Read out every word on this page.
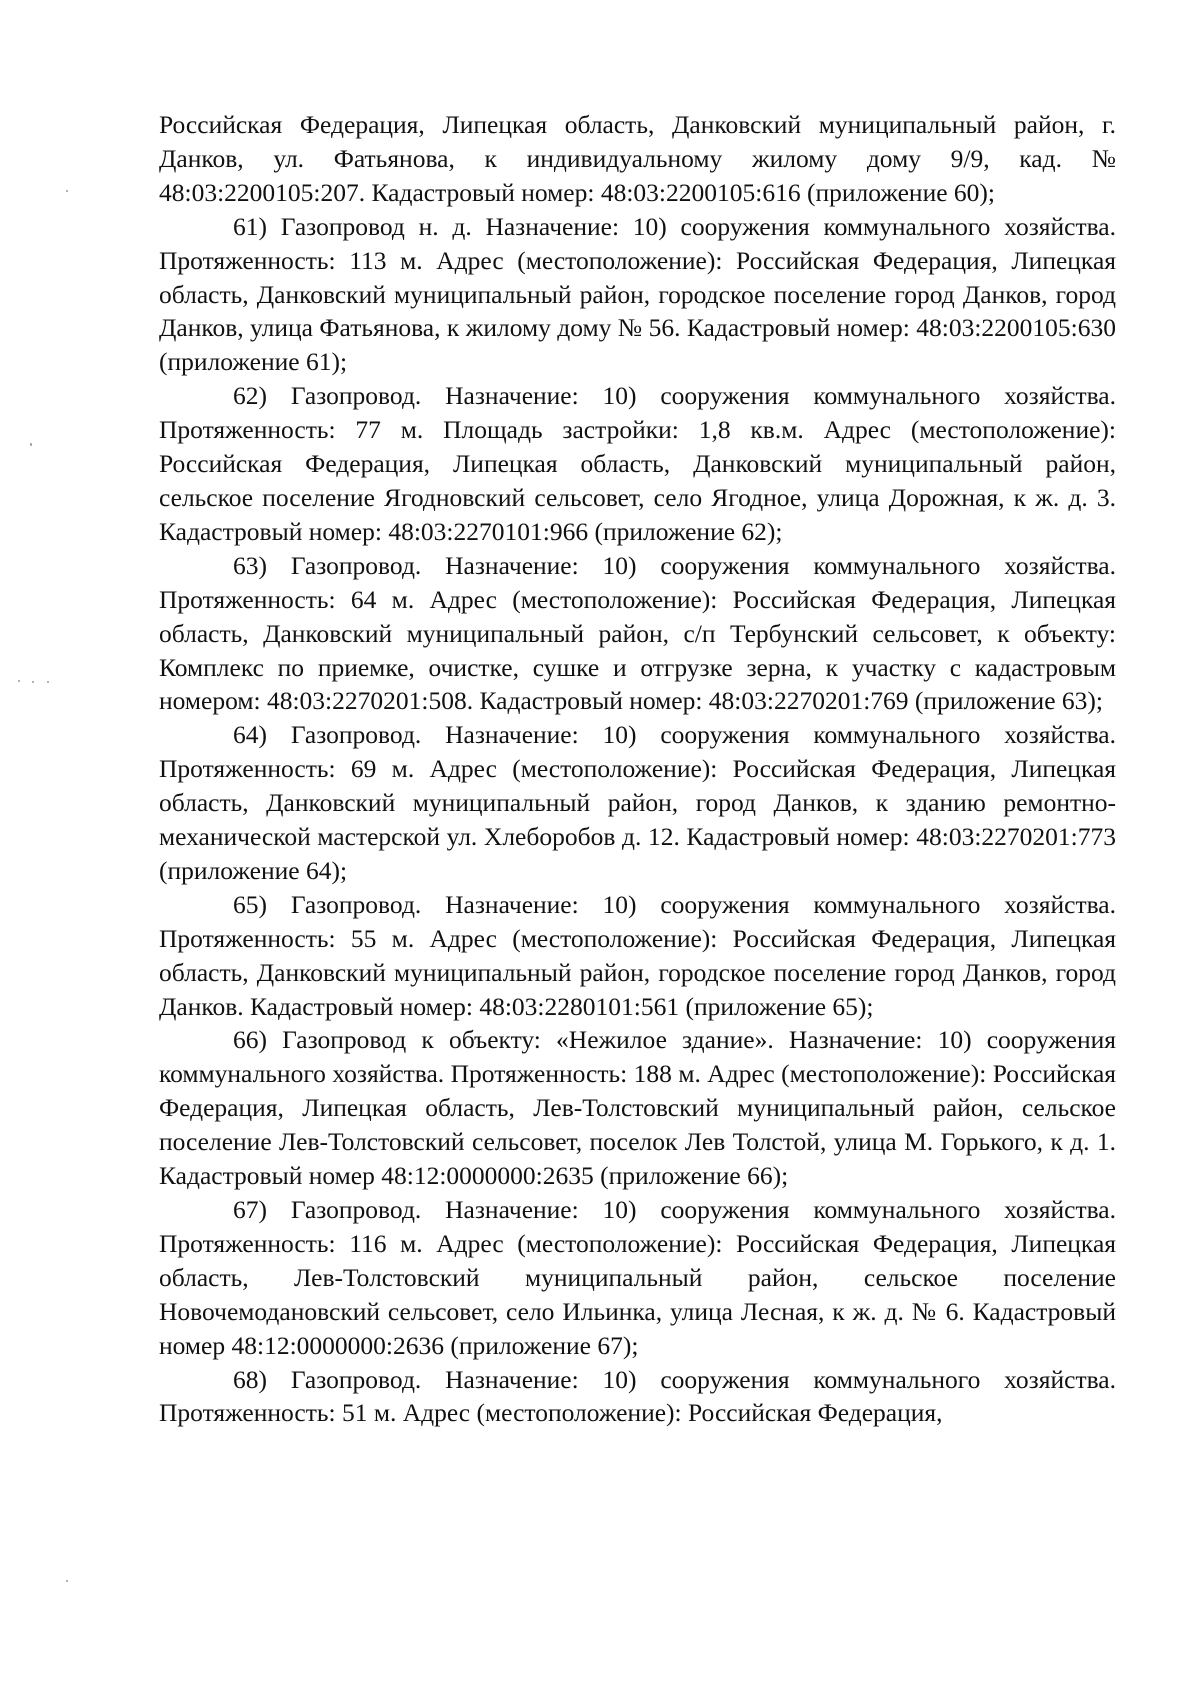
Российская Федерация, Липецкая область, Данковский муниципальный район, г. Данков, ул. Фатьянова, к индивидуальному жилому дому 9/9, кад. № 48:03:2200105:207. Кадастровый номер: 48:03:2200105:616 (приложение 60);

61) Газопровод н. д. Назначение: 10) сооружения коммунального хозяйства. Протяженность: 113 м. Адрес (местоположение): Российская Федерация, Липецкая область, Данковский муниципальный район, городское поселение город Данков, город Данков, улица Фатьянова, к жилому дому № 56. Кадастровый номер: 48:03:2200105:630 (приложение 61);

62) Газопровод. Назначение: 10) сооружения коммунального хозяйства. Протяженность: 77 м. Площадь застройки: 1,8 кв.м. Адрес (местоположение): Российская Федерация, Липецкая область, Данковский муниципальный район, сельское поселение Ягодновский сельсовет, село Ягодное, улица Дорожная, к ж. д. 3. Кадастровый номер: 48:03:2270101:966 (приложение 62);

63) Газопровод. Назначение: 10) сооружения коммунального хозяйства. Протяженность: 64 м. Адрес (местоположение): Российская Федерация, Липецкая область, Данковский муниципальный район, с/п Тербунский сельсовет, к объекту: Комплекс по приемке, очистке, сушке и отгрузке зерна, к участку с кадастровым номером: 48:03:2270201:508. Кадастровый номер: 48:03:2270201:769 (приложение 63);

64) Газопровод. Назначение: 10) сооружения коммунального хозяйства. Протяженность: 69 м. Адрес (местоположение): Российская Федерация, Липецкая область, Данковский муниципальный район, город Данков, к зданию ремонтно-механической мастерской ул. Хлеборобов д. 12. Кадастровый номер: 48:03:2270201:773 (приложение 64);

65) Газопровод. Назначение: 10) сооружения коммунального хозяйства. Протяженность: 55 м. Адрес (местоположение): Российская Федерация, Липецкая область, Данковский муниципальный район, городское поселение город Данков, город Данков. Кадастровый номер: 48:03:2280101:561 (приложение 65);

66) Газопровод к объекту: «Нежилое здание». Назначение: 10) сооружения коммунального хозяйства. Протяженность: 188 м. Адрес (местоположение): Российская Федерация, Липецкая область, Лев-Толстовский муниципальный район, сельское поселение Лев-Толстовский сельсовет, поселок Лев Толстой, улица М. Горького, к д. 1. Кадастровый номер 48:12:0000000:2635 (приложение 66);

67) Газопровод. Назначение: 10) сооружения коммунального хозяйства. Протяженность: 116 м. Адрес (местоположение): Российская Федерация, Липецкая область, Лев-Толстовский муниципальный район, сельское поселение Новочемодановский сельсовет, село Ильинка, улица Лесная, к ж. д. № 6. Кадастровый номер 48:12:0000000:2636 (приложение 67);

68) Газопровод. Назначение: 10) сооружения коммунального хозяйства. Протяженность: 51 м. Адрес (местоположение): Российская Федерация,
